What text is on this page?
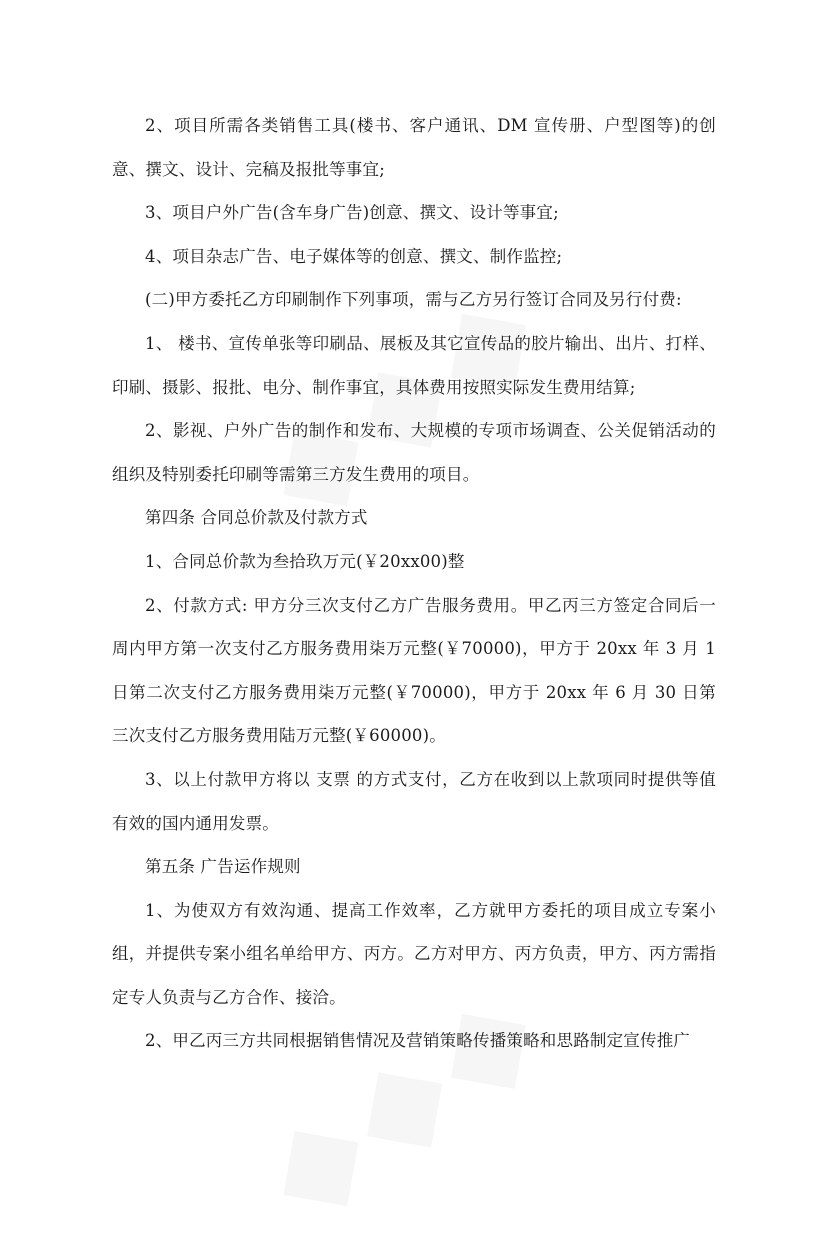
2、项目所需各类销售工具(楼书、客户通讯、DM 宣传册、户型图等)的创 意、撰文、设计、完稿及报批等事宜;

3、项目户外广告(含车身广告)创意、撰文、设计等事宜;

4、项目杂志广告、电子媒体等的创意、撰文、制作监控;

(二)甲方委托乙方印刷制作下列事项，需与乙方另行签订合同及另行付费:

1、 楼书、宣传单张等印刷品、展板及其它宣传品的胶片输出、出片、打样、印刷、摄影、报批、电分、制作事宜，具体费用按照实际发生费用结算;

2、影视、户外广告的制作和发布、大规模的专项市场调查、公关促销活动的组织及特别委托印刷等需第三方发生费用的项目。

第四条 合同总价款及付款方式

1、合同总价款为叁拾玖万元(￥20xx00)整

2、付款方式: 甲方分三次支付乙方广告服务费用。甲乙丙三方签定合同后一周内甲方第一次支付乙方服务费用柒万元整(￥70000)，甲方于 20xx 年 3 月 1 日第二次支付乙方服务费用柒万元整(￥70000)，甲方于 20xx 年 6 月 30 日第三次支付乙方服务费用陆万元整(￥60000)。

3、以上付款甲方将以 支票 的方式支付，乙方在收到以上款项同时提供等值有效的国内通用发票。

第五条 广告运作规则

1、为使双方有效沟通、提高工作效率，乙方就甲方委托的项目成立专案小组，并提供专案小组名单给甲方、丙方。乙方对甲方、丙方负责，甲方、丙方需指定专人负责与乙方合作、接洽。

2、甲乙丙三方共同根据销售情况及营销策略传播策略和思路制定宣传推广
